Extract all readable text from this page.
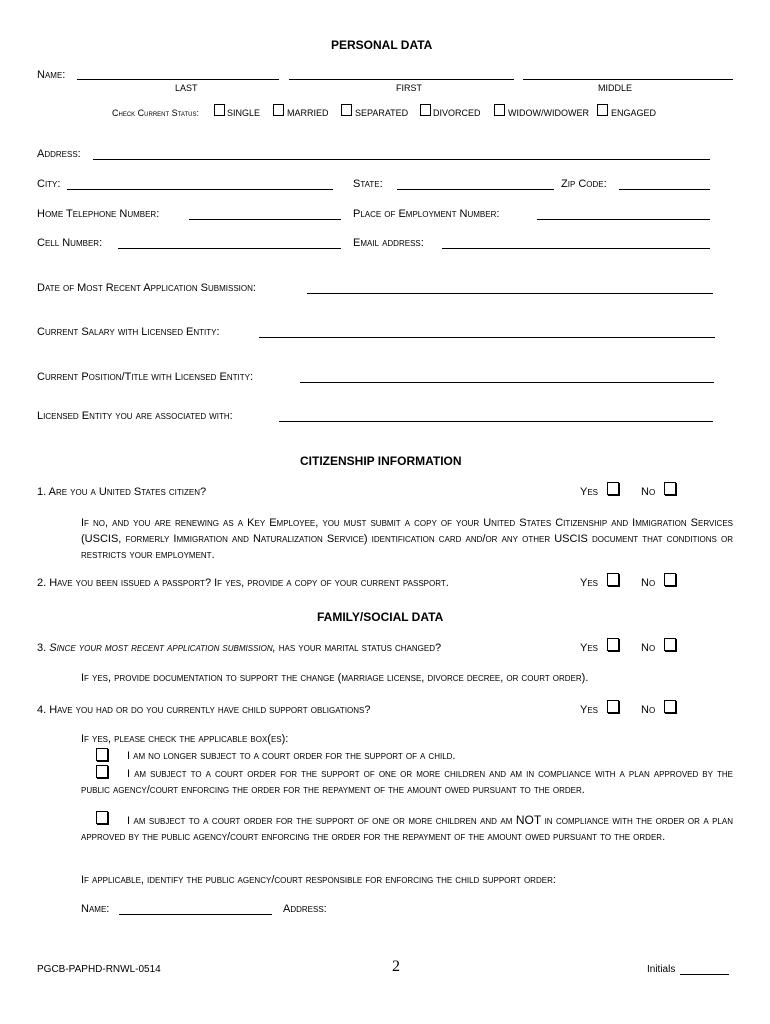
PERSONAL DATA
Name:
LAST	FIRST	MIDDLE
Check Current Status:	SINGLE	MARRIED	SEPARATED	DIVORCED	WIDOW/WIDOWER ENGAGED
Address:
City:	State:	Zip Code:
Home Telephone Number:	Place of Employment Number:
Cell Number:	Email address:
Date of Most Recent Application Submission:
Current Salary with Licensed Entity:
Current Position/Title with Licensed Entity:
Licensed Entity you are associated with:
CITIZENSHIP INFORMATION
1. Are you a United States citizen?	Yes	No
If no, and you are renewing as a Key Employee, you must submit a copy of your United States Citizenship and Immigration Services (USCIS, formerly Immigration and Naturalization Service) identification card and/or any other USCIS document that conditions or restricts your employment.
2. Have you been issued a passport? If yes, provide a copy of your current passport.	Yes	No
FAMILY/SOCIAL DATA
3. Since your most recent application submission, has your marital status changed?	Yes	No
If yes, provide documentation to support the change (marriage license, divorce decree, or court order).
4. Have you had or do you currently have child support obligations?	Yes	No
If yes, please check the applicable box(es):
I am no longer subject to a court order for the support of a child.
I am subject to a court order for the support of one or more children and am in compliance with a plan approved by the public agency/court enforcing the order for the repayment of the amount owed pursuant to the order.
I am subject to a court order for the support of one or more children and am NOT in compliance with the order or a plan approved by the public agency/court enforcing the order for the repayment of the amount owed pursuant to the order.
If applicable, identify the public agency/court responsible for enforcing the child support order:
Name:	Address:
PGCB-PAPHD-RNWL-0514	2	Initials
